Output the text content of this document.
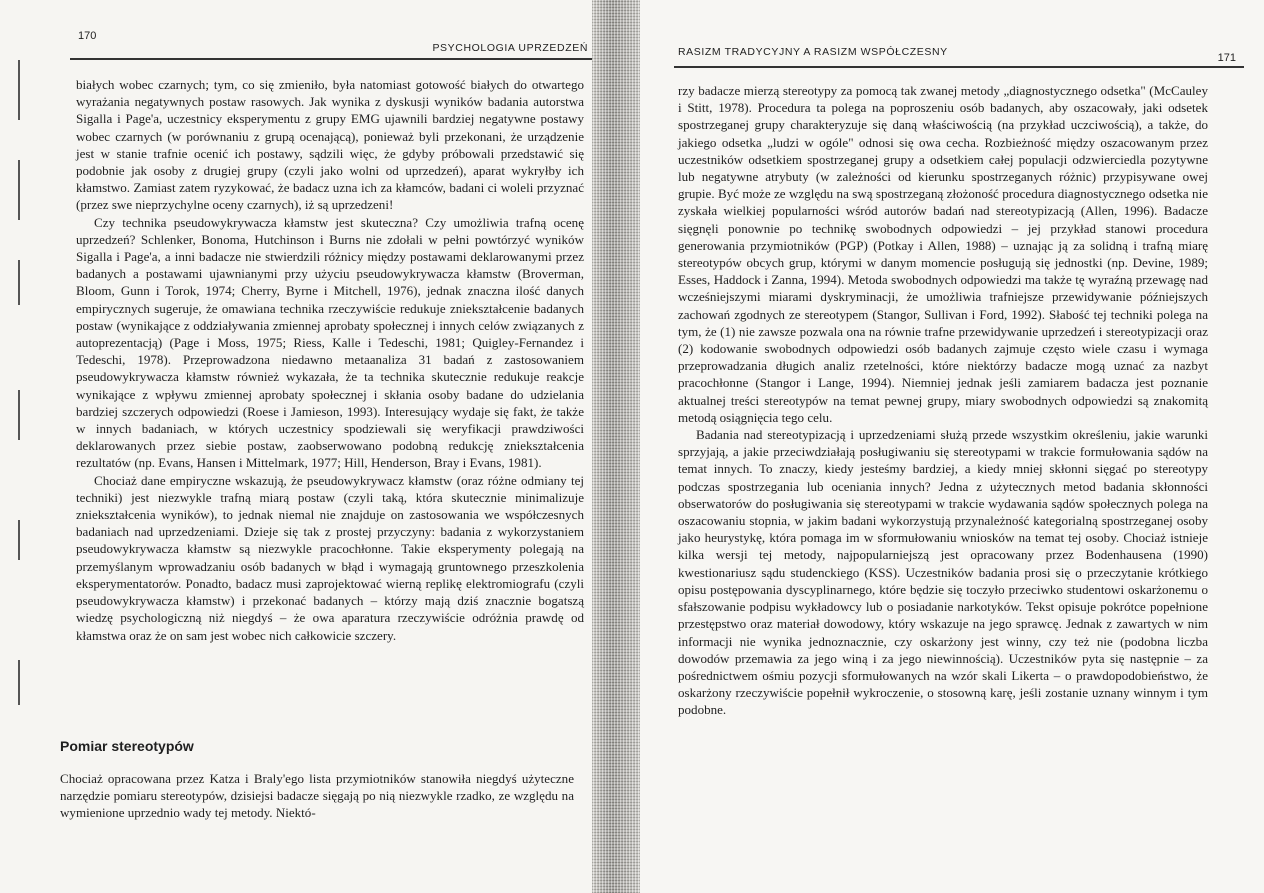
170
PSYCHOLOGIA UPRZEDZEŃ

białych wobec czarnych; tym, co się zmieniło, była natomiast gotowość białych do otwartego wyrażania negatywnych postaw rasowych. Jak wynika z dyskusji wyników badania autorstwa Sigalla i Page'a, uczestnicy eksperymentu z grupy EMG ujawnili bardziej negatywne postawy wobec czarnych (w porównaniu z grupą ocenającą), ponieważ byli przekonani, że urządzenie jest w stanie trafnie ocenić ich postawy, sądzili więc, że gdyby próbowali przedstawić się podobnie jak osoby z drugiej grupy (czyli jako wolni od uprzedzeń), aparat wykryłby ich kłamstwo. Zamiast zatem ryzykować, że badacz uzna ich za kłamców, badani ci woleli przyznać (przez swe nieprzychylne oceny czarnych), iż są uprzedzeni!

Czy technika pseudowykrywacza kłamstw jest skuteczna? Czy umożliwia trafną ocenę uprzedzeń? Schlenker, Bonoma, Hutchinson i Burns nie zdołali w pełni powtórzyć wyników Sigalla i Page'a, a inni badacze nie stwierdzili różnicy między postawami deklarowanymi przez badanych a postawami ujawnianymi przy użyciu pseudowykrywacza kłamstw (Broverman, Bloom, Gunn i Torok, 1974; Cherry, Byrne i Mitchell, 1976), jednak znaczna ilość danych empirycznych sugeruje, że omawiana technika rzeczywiście redukuje zniekształcenie badanych postaw (wynikające z oddziaływania zmiennej aprobaty społecznej i innych celów związanych z autoprezentacją) (Page i Moss, 1975; Riess, Kalle i Tedeschi, 1981; Quigley-Fernandez i Tedeschi, 1978). Przeprowadzona niedawno metaanaliza 31 badań z zastosowaniem pseudowykrywacza kłamstw również wykazała, że ta technika skutecznie redukuje reakcje wynikające z wpływu zmiennej aprobaty społecznej i skłania osoby badane do udzielania bardziej szczerych odpowiedzi (Roese i Jamieson, 1993). Interesujący wydaje się fakt, że także w innych badaniach, w których uczestnicy spodziewali się weryfikacji prawdziwości deklarowanych przez siebie postaw, zaobserwowano podobną redukcję zniekształcenia rezultatów (np. Evans, Hansen i Mittelmark, 1977; Hill, Henderson, Bray i Evans, 1981).

Chociaż dane empiryczne wskazują, że pseudowykrywacz kłamstw (oraz różne odmiany tej techniki) jest niezwykle trafną miarą postaw (czyli taką, która skutecznie minimalizuje zniekształcenia wyników), to jednak niemal nie znajduje on zastosowania we współczesnych badaniach nad uprzedzeniami. Dzieje się tak z prostej przyczyny: badania z wykorzystaniem pseudowykrywacza kłamstw są niezwykle pracochłonne. Takie eksperymenty polegają na przemyślanym wprowadzaniu osób badanych w błąd i wymagają gruntownego przeszkolenia eksperymentatorów. Ponadto, badacz musi zaprojektować wierną replikę elektromiografu (czyli pseudowykrywacza kłamstw) i przekonać badanych – którzy mają dziś znacznie bogatszą wiedzę psychologiczną niż niegdyś – że owa aparatura rzeczywiście odróżnia prawdę od kłamstwa oraz że on sam jest wobec nich całkowicie szczery.

Pomiar stereotypów

Chociaż opracowana przez Katza i Braly'ego lista przymiotników stanowiła niegdyś użyteczne narzędzie pomiaru stereotypów, dzisiejsi badacze sięgają po nią niezwykle rzadko, ze względu na wymienione uprzednio wady tej metody. Niektó-

RASIZM TRADYCYJNY A RASIZM WSPÓŁCZESNY	171

rzy badacze mierzą stereotypy za pomocą tak zwanej metody „diagnostycznego odsetka" (McCauley i Stitt, 1978). Procedura ta polega na poproszeniu osób badanych, aby oszacowały, jaki odsetek spostrzeganej grupy charakteryzuje się daną właściwością (na przykład uczciwością), a także, do jakiego odsetka „ludzi w ogóle" odnosi się owa cecha. Rozbieżność między oszacowanym przez uczestników odsetkiem spostrzeganej grupy a odsetkiem całej populacji odzwierciedla pozytywne lub negatywne atrybuty (w zależności od kierunku spostrzeganych różnic) przypisywane owej grupie. Być może ze względu na swą spostrzeganą złożoność procedura diagnostycznego odsetka nie zyskała wielkiej popularności wśród autorów badań nad stereotypizacją (Allen, 1996). Badacze sięgnęli ponownie po technikę swobodnych odpowiedzi – jej przykład stanowi procedura generowania przymiotników (PGP) (Potkay i Allen, 1988) – uznając ją za solidną i trafną miarę stereotypów obcych grup, którymi w danym momencie posługują się jednostki (np. Devine, 1989; Esses, Haddock i Zanna, 1994). Metoda swobodnych odpowiedzi ma także tę wyraźną przewagę nad wcześniejszymi miarami dyskryminacji, że umożliwia trafniejsze przewidywanie późniejszych zachowań zgodnych ze stereotypem (Stangor, Sullivan i Ford, 1992). Słabość tej techniki polega na tym, że (1) nie zawsze pozwala ona na równie trafne przewidywanie uprzedzeń i stereotypizacji oraz (2) kodowanie swobodnych odpowiedzi osób badanych zajmuje często wiele czasu i wymaga przeprowadzania długich analiz rzetelności, które niektórzy badacze mogą uznać za nazbyt pracochłonne (Stangor i Lange, 1994). Niemniej jednak jeśli zamiarem badacza jest poznanie aktualnej treści stereotypów na temat pewnej grupy, miary swobodnych odpowiedzi są znakomitą metodą osiągnięcia tego celu.

Badania nad stereotypizacją i uprzedzeniami służą przede wszystkim określeniu, jakie warunki sprzyjają, a jakie przeciwdziałają posługiwaniu się stereotypami w trakcie formułowania sądów na temat innych. To znaczy, kiedy jesteśmy bardziej, a kiedy mniej skłonni sięgać po stereotypy podczas spostrzegania lub oceniania innych? Jedna z użytecznych metod badania skłonności obserwatorów do posługiwania się stereotypami w trakcie wydawania sądów społecznych polega na oszacowaniu stopnia, w jakim badani wykorzystują przynależność kategorialną spostrzeganej osoby jako heurystykę, która pomaga im w sformułowaniu wniosków na temat tej osoby. Chociaż istnieje kilka wersji tej metody, najpopularniejszą jest opracowany przez Bodenhausena (1990) kwestionariusz sądu studenckiego (KSS). Uczestników badania prosi się o przeczytanie krótkiego opisu postępowania dyscyplinarnego, które będzie się toczyło przeciwko studentowi oskarżonemu o sfałszowanie podpisu wykładowcy lub o posiadanie narkotyków. Tekst opisuje pokrótce popełnione przestępstwo oraz materiał dowodowy, który wskazuje na jego sprawcę. Jednak z zawartych w nim informacji nie wynika jednoznacznie, czy oskarżony jest winny, czy też nie (podobna liczba dowodów przemawia za jego winą i za jego niewinnością). Uczestników pyta się następnie – za pośrednictwem ośmiu pozycji sformułowanych na wzór skali Likerta – o prawdopodobieństwo, że oskarżony rzeczywiście popełnił wykroczenie, o stosowną karę, jeśli zostanie uznany winnym i tym podobne.
